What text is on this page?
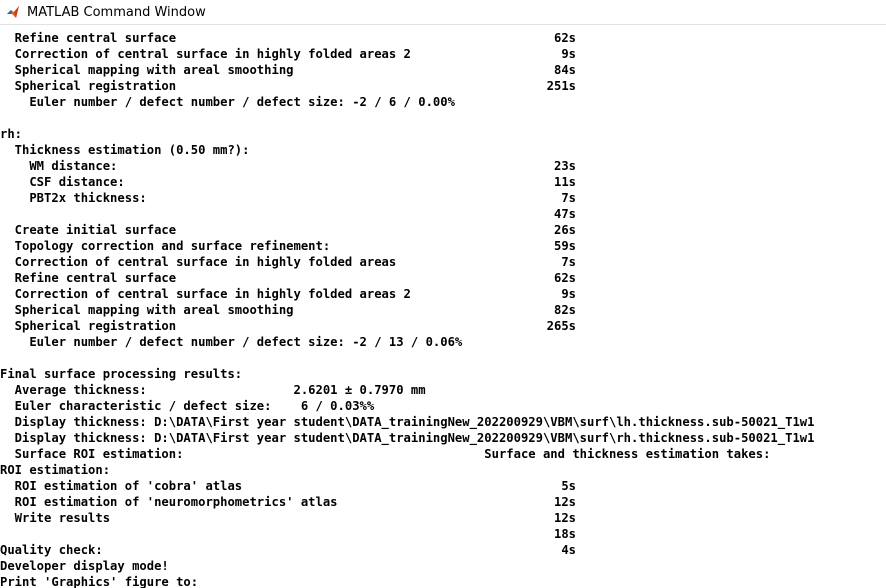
MATLAB Command Window
Refine central surface	62s
Correction of central surface in highly folded areas 2	9s
Spherical mapping with areal smoothing	84s
Spherical registration	251s
Euler number / defect number / defect size: -2 / 6 / 0.00%
rh:
Thickness estimation (0.50 mm?):
WM distance:	23s
CSF distance:	11s
PBT2x thickness:	7s
47s
Create initial surface	26s
Topology correction and surface refinement:	59s
Correction of central surface in highly folded areas	7s
Refine central surface	62s
Correction of central surface in highly folded areas 2	9s
Spherical mapping with areal smoothing	82s
Spherical registration	265s
Euler number / defect number / defect size: -2 / 13 / 0.06%
Final surface processing results:
Average thickness:                    2.6201 ± 0.7970 mm
Euler characteristic / defect size:    6 / 0.03%%
Display thickness: D:\DATA\First year student\DATA_trainingNew_202200929\VBM\surf\lh.thickness.sub-50021_T1w1
Display thickness: D:\DATA\First year student\DATA_trainingNew_202200929\VBM\surf\rh.thickness.sub-50021_T1w1
Surface ROI estimation:                                         Surface and thickness estimation takes:
ROI estimation:
ROI estimation of 'cobra' atlas	5s
ROI estimation of 'neuromorphometrics' atlas	12s
Write results	12s
18s
Quality check:	4s
Developer display mode!
Print 'Graphics' figure to:
